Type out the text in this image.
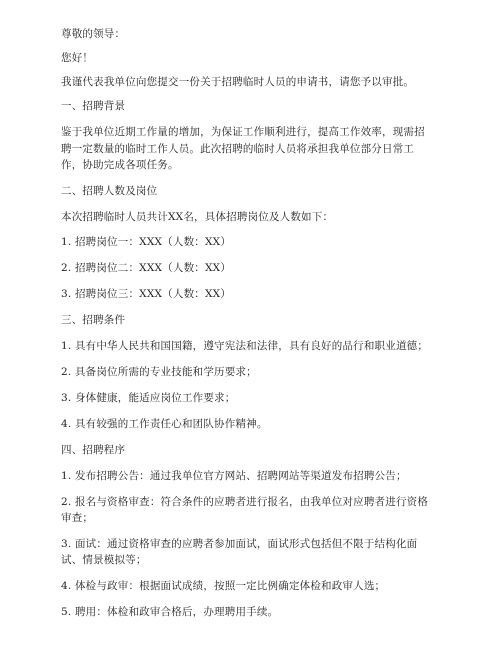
尊敬的领导：

您好！

我谨代表我单位向您提交一份关于招聘临时人员的申请书，请您予以审批。

一、招聘背景

鉴于我单位近期工作量的增加，为保证工作顺利进行，提高工作效率，现需招聘一定数量的临时工作人员。此次招聘的临时人员将承担我单位部分日常工作，协助完成各项任务。

二、招聘人数及岗位

本次招聘临时人员共计XX名，具体招聘岗位及人数如下：

1. 招聘岗位一：XXX（人数：XX）

2. 招聘岗位二：XXX（人数：XX）

3. 招聘岗位三：XXX（人数：XX）

三、招聘条件

1. 具有中华人民共和国国籍，遵守宪法和法律，具有良好的品行和职业道德；

2. 具备岗位所需的专业技能和学历要求；

3. 身体健康，能适应岗位工作要求；

4. 具有较强的工作责任心和团队协作精神。

四、招聘程序

1. 发布招聘公告：通过我单位官方网站、招聘网站等渠道发布招聘公告；

2. 报名与资格审查：符合条件的应聘者进行报名，由我单位对应聘者进行资格审查；

3. 面试：通过资格审查的应聘者参加面试，面试形式包括但不限于结构化面试、情景模拟等；

4. 体检与政审：根据面试成绩，按照一定比例确定体检和政审人选；

5. 聘用：体检和政审合格后，办理聘用手续。
